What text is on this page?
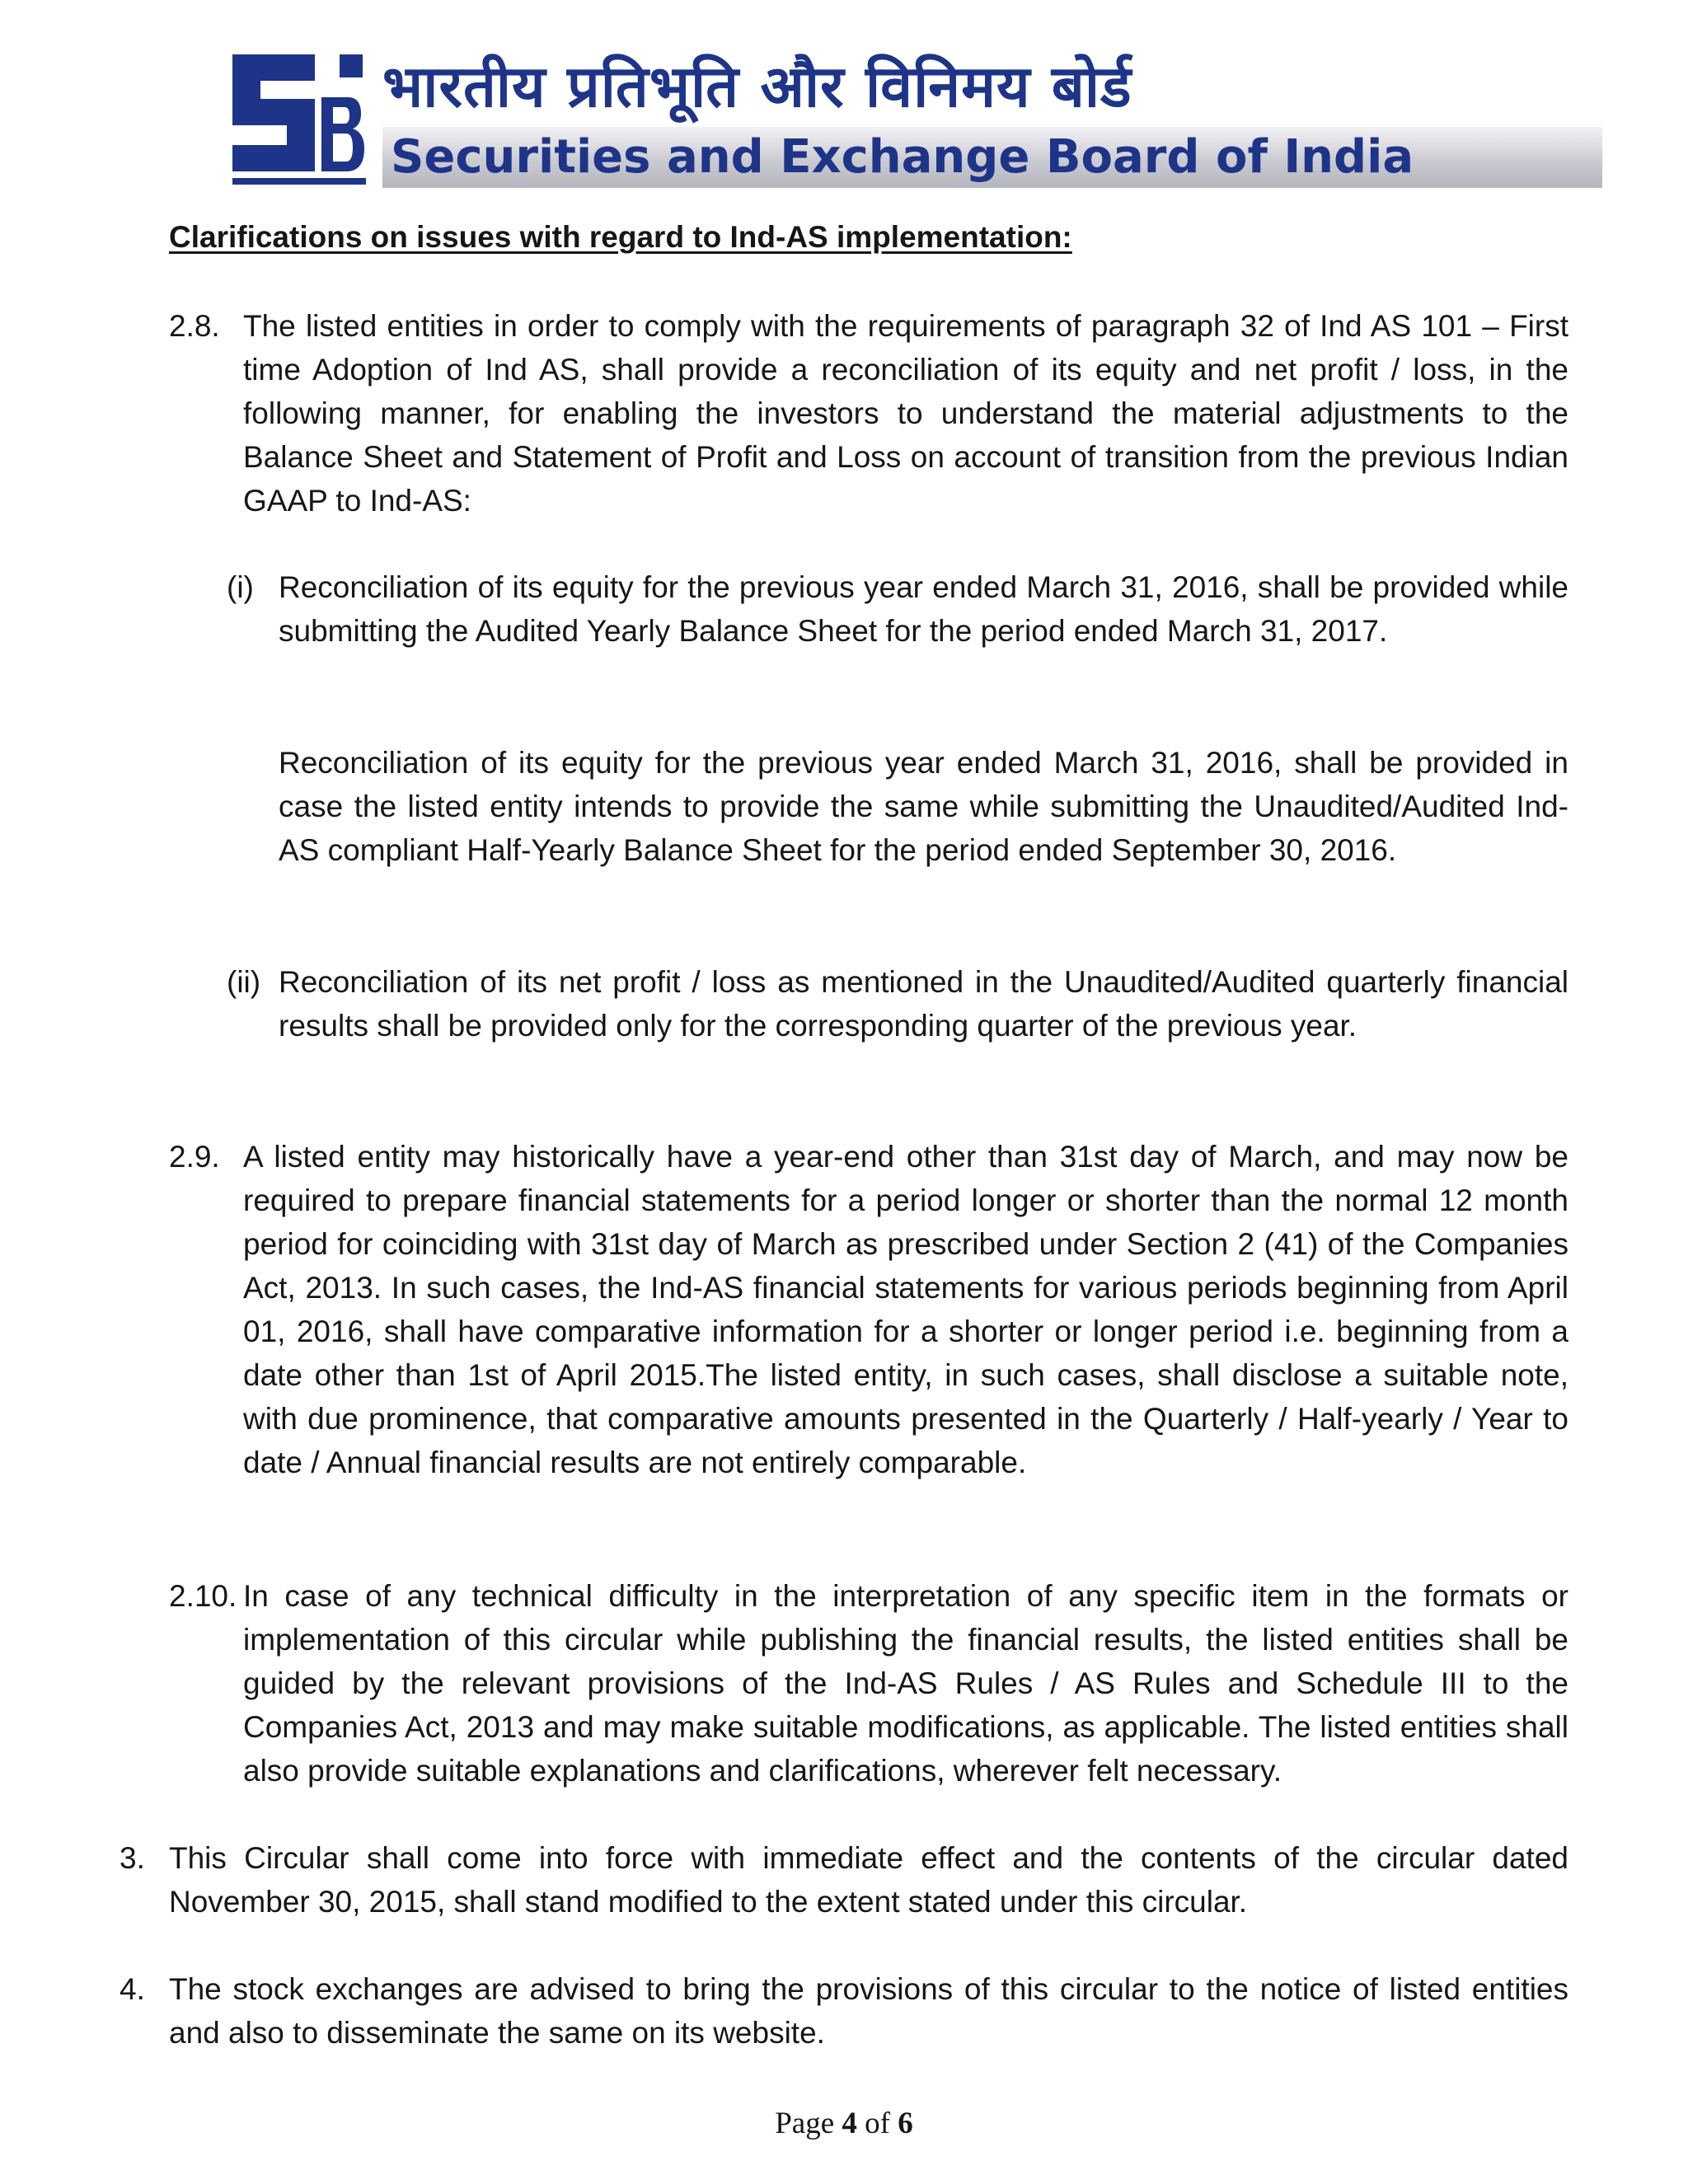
भारतीय प्रतिभूति और विनिमय बोर्ड
Securities and Exchange Board of India
Clarifications on issues with regard to Ind-AS implementation:
2.8. The listed entities in order to comply with the requirements of paragraph 32 of Ind AS 101 – First time Adoption of Ind AS, shall provide a reconciliation of its equity and net profit / loss, in the following manner, for enabling the investors to understand the material adjustments to the Balance Sheet and Statement of Profit and Loss on account of transition from the previous Indian GAAP to Ind-AS:
(i) Reconciliation of its equity for the previous year ended March 31, 2016, shall be provided while submitting the Audited Yearly Balance Sheet for the period ended March 31, 2017.
Reconciliation of its equity for the previous year ended March 31, 2016, shall be provided in case the listed entity intends to provide the same while submitting the Unaudited/Audited Ind-AS compliant Half-Yearly Balance Sheet for the period ended September 30, 2016.
(ii) Reconciliation of its net profit / loss as mentioned in the Unaudited/Audited quarterly financial results shall be provided only for the corresponding quarter of the previous year.
2.9. A listed entity may historically have a year-end other than 31st day of March, and may now be required to prepare financial statements for a period longer or shorter than the normal 12 month period for coinciding with 31st day of March as prescribed under Section 2 (41) of the Companies Act, 2013. In such cases, the Ind-AS financial statements for various periods beginning from April 01, 2016, shall have comparative information for a shorter or longer period i.e. beginning from a date other than 1st of April 2015.The listed entity, in such cases, shall disclose a suitable note, with due prominence, that comparative amounts presented in the Quarterly / Half-yearly / Year to date / Annual financial results are not entirely comparable.
2.10. In case of any technical difficulty in the interpretation of any specific item in the formats or implementation of this circular while publishing the financial results, the listed entities shall be guided by the relevant provisions of the Ind-AS Rules / AS Rules and Schedule III to the Companies Act, 2013 and may make suitable modifications, as applicable. The listed entities shall also provide suitable explanations and clarifications, wherever felt necessary.
3. This Circular shall come into force with immediate effect and the contents of the circular dated November 30, 2015, shall stand modified to the extent stated under this circular.
4. The stock exchanges are advised to bring the provisions of this circular to the notice of listed entities and also to disseminate the same on its website.
Page 4 of 6
